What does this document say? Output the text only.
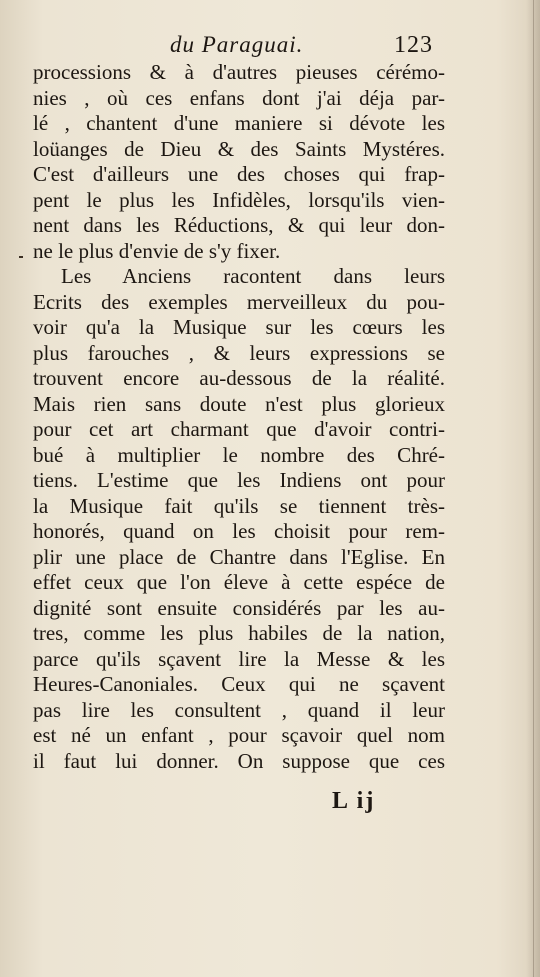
du Paraguai.	123
processions & à d'autres pieuses cérémo-
nies , où ces enfans dont j'ai déja par-
lé , chantent d'une maniere si dévote les
loüanges de Dieu & des Saints Mystéres.
C'est d'ailleurs une des choses qui frap-
pent le plus les Infidèles, lorsqu'ils vien-
nent dans les Réductions, & qui leur don-
ne le plus d'envie de s'y fixer.
Les Anciens racontent dans leurs
Ecrits des exemples merveilleux du pou-
voir qu'a la Musique sur les cœurs les
plus farouches , & leurs expressions se
trouvent encore au-dessous de la réalité.
Mais rien sans doute n'est plus glorieux
pour cet art charmant que d'avoir contri-
bué à multiplier le nombre des Chré-
tiens. L'estime que les Indiens ont pour
la Musique fait qu'ils se tiennent très-
honorés, quand on les choisit pour rem-
plir une place de Chantre dans l'Eglise. En
effet ceux que l'on éleve à cette espéce de
dignité sont ensuite considérés par les au-
tres, comme les plus habiles de la nation,
parce qu'ils sçavent lire la Messe & les
Heures-Canoniales. Ceux qui ne sçavent
pas lire les consultent , quand il leur
est né un enfant , pour sçavoir quel nom
il faut lui donner. On suppose que ces
L ij
